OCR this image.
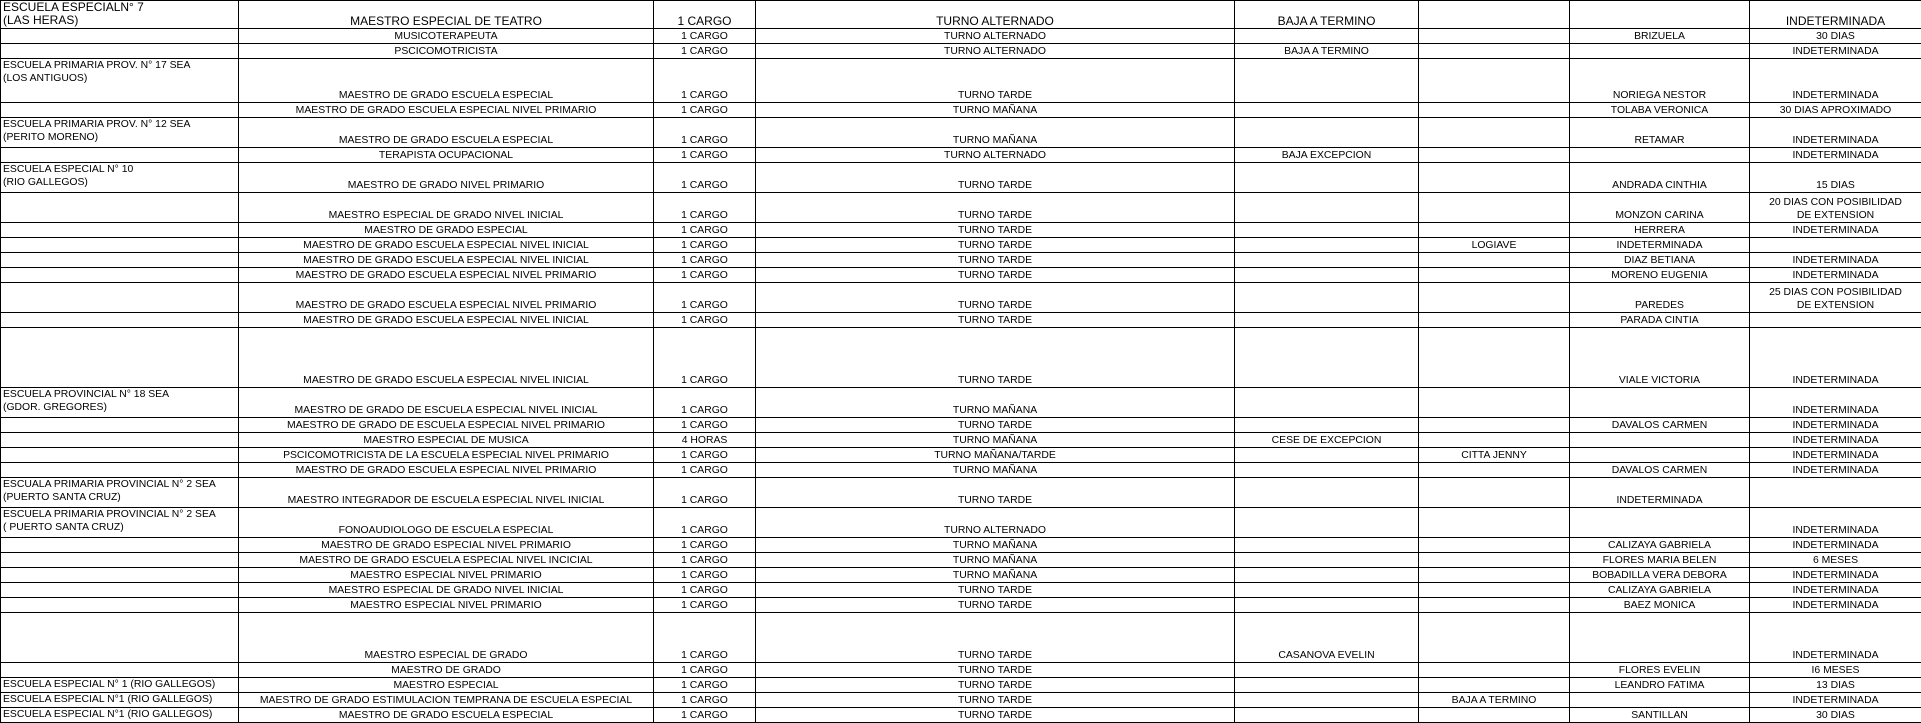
ESCUELA ESPECIALN° 7
(LAS HERAS)	MAESTRO ESPECIAL DE TEATRO	1 CARGO	TURNO ALTERNADO	BAJA A TERMINO			INDETERMINADA
	MUSICOTERAPEUTA	1 CARGO	TURNO ALTERNADO			BRIZUELA	30 DIAS
	PSCICOMOTRICISTA	1 CARGO	TURNO ALTERNADO	BAJA A TERMINO			INDETERMINADA
ESCUELA PRIMARIA PROV. N° 17 SEA
(LOS ANTIGUOS)	MAESTRO DE GRADO ESCUELA ESPECIAL	1 CARGO	TURNO TARDE			NORIEGA NESTOR	INDETERMINADA
	MAESTRO DE GRADO ESCUELA ESPECIAL NIVEL PRIMARIO	1 CARGO	TURNO MAÑANA			TOLABA VERONICA	30 DIAS APROXIMADO
ESCUELA PRIMARIA PROV. N° 12 SEA
(PERITO MORENO)	MAESTRO DE GRADO ESCUELA ESPECIAL	1 CARGO	TURNO MAÑANA			RETAMAR	INDETERMINADA
	TERAPISTA OCUPACIONAL	1 CARGO	TURNO ALTERNADO	BAJA EXCEPCION			INDETERMINADA
ESCUELA ESPECIAL N° 10
(RIO GALLEGOS)	MAESTRO DE GRADO NIVEL PRIMARIO	1 CARGO	TURNO TARDE			ANDRADA CINTHIA	15 DIAS
	MAESTRO ESPECIAL DE GRADO NIVEL INICIAL	1 CARGO	TURNO TARDE			MONZON CARINA	20 DIAS CON POSIBILIDAD
DE EXTENSION
	MAESTRO DE GRADO ESPECIAL	1 CARGO	TURNO TARDE			HERRERA	INDETERMINADA
	MAESTRO DE GRADO ESCUELA ESPECIAL NIVEL INICIAL	1 CARGO	TURNO TARDE		LOGIAVE	INDETERMINADA	
	MAESTRO DE GRADO ESCUELA ESPECIAL NIVEL INICIAL	1 CARGO	TURNO TARDE			DIAZ BETIANA	INDETERMINADA
	MAESTRO DE GRADO ESCUELA ESPECIAL NIVEL PRIMARIO	1 CARGO	TURNO TARDE			MORENO EUGENIA	INDETERMINADA
	MAESTRO DE GRADO ESCUELA ESPECIAL NIVEL PRIMARIO	1 CARGO	TURNO TARDE			PAREDES	25 DIAS CON POSIBILIDAD
DE EXTENSION
	MAESTRO DE GRADO ESCUELA ESPECIAL NIVEL INICIAL	1 CARGO	TURNO TARDE			PARADA CINTIA	
	MAESTRO DE GRADO ESCUELA ESPECIAL NIVEL INICIAL	1 CARGO	TURNO TARDE			VIALE VICTORIA	INDETERMINADA
ESCUELA PROVINCIAL N° 18 SEA
(GDOR. GREGORES)	MAESTRO DE GRADO DE ESCUELA ESPECIAL NIVEL INICIAL	1 CARGO	TURNO MAÑANA				INDETERMINADA
	MAESTRO DE GRADO DE ESCUELA ESPECIAL NIVEL PRIMARIO	1 CARGO	TURNO TARDE			DAVALOS CARMEN	INDETERMINADA
	MAESTRO ESPECIAL DE MUSICA	4 HORAS	TURNO MAÑANA	CESE DE EXCEPCION			INDETERMINADA
	PSCICOMOTRICISTA DE LA ESCUELA ESPECIAL NIVEL PRIMARIO	1 CARGO	TURNO MAÑANA/TARDE		CITTA JENNY		INDETERMINADA
	MAESTRO DE GRADO ESCUELA ESPECIAL NIVEL PRIMARIO	1 CARGO	TURNO MAÑANA			DAVALOS CARMEN	INDETERMINADA
ESCUALA PRIMARIA PROVINCIAL N° 2 SEA
(PUERTO SANTA CRUZ)	MAESTRO INTEGRADOR DE ESCUELA ESPECIAL NIVEL INICIAL	1 CARGO	TURNO TARDE			INDETERMINADA	
ESCUELA PRIMARIA PROVINCIAL N° 2 SEA
( PUERTO SANTA CRUZ)	FONOAUDIOLOGO DE ESCUELA ESPECIAL	1 CARGO	TURNO ALTERNADO				INDETERMINADA
	MAESTRO DE GRADO ESPECIAL NIVEL PRIMARIO	1 CARGO	TURNO MAÑANA			CALIZAYA GABRIELA	INDETERMINADA
	MAESTRO DE GRADO ESCUELA ESPECIAL NIVEL INCICIAL	1 CARGO	TURNO MAÑANA			FLORES MARIA BELEN	6 MESES
	MAESTRO ESPECIAL NIVEL PRIMARIO	1 CARGO	TURNO MAÑANA			BOBADILLA VERA DEBORA	INDETERMINADA
	MAESTRO ESPECIAL DE GRADO NIVEL INICIAL	1 CARGO	TURNO TARDE			CALIZAYA GABRIELA	INDETERMINADA
	MAESTRO ESPECIAL NIVEL PRIMARIO	1 CARGO	TURNO TARDE			BAEZ MONICA	INDETERMINADA
	MAESTRO ESPECIAL DE GRADO	1 CARGO	TURNO TARDE	CASANOVA EVELIN			INDETERMINADA
	MAESTRO DE GRADO	1 CARGO	TURNO TARDE			FLORES EVELIN	I6 MESES
ESCUELA ESPECIAL N° 1 (RIO GALLEGOS)	MAESTRO ESPECIAL	1 CARGO	TURNO TARDE			LEANDRO FATIMA	13 DIAS
ESCUELA ESPECIAL N°1 (RIO GALLEGOS)	MAESTRO DE GRADO ESTIMULACION TEMPRANA DE ESCUELA ESPECIAL	1 CARGO	TURNO TARDE		BAJA A TERMINO		INDETERMINADA
ESCUELA ESPECIAL N°1 (RIO GALLEGOS)	MAESTRO DE GRADO ESCUELA ESPECIAL	1 CARGO	TURNO TARDE			SANTILLAN	30 DIAS
